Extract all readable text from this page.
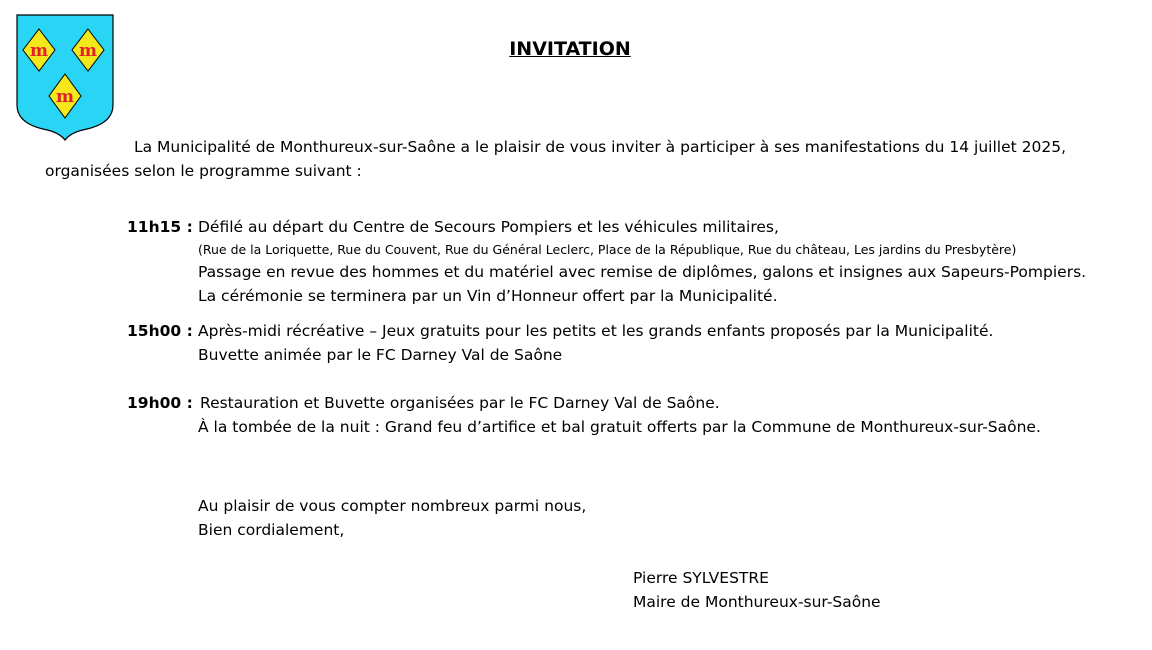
m m
m
INVITATION
La Municipalité de Monthureux-sur-Saône a le plaisir de vous inviter à participer à ses manifestations du 14 juillet 2025,
organisées selon le programme suivant :
11h15 : Défilé au départ du Centre de Secours Pompiers et les véhicules militaires,
(Rue de la Loriquette, Rue du Couvent, Rue du Général Leclerc, Place de la République, Rue du château, Les jardins du Presbytère)
Passage en revue des hommes et du matériel avec remise de diplômes, galons et insignes aux Sapeurs-Pompiers.
La cérémonie se terminera par un Vin d’Honneur offert par la Municipalité.
15h00 : Après-midi récréative – Jeux gratuits pour les petits et les grands enfants proposés par la Municipalité.
Buvette animée par le FC Darney Val de Saône
19h00 : Restauration et Buvette organisées par le FC Darney Val de Saône.
À la tombée de la nuit : Grand feu d’artifice et bal gratuit offerts par la Commune de Monthureux-sur-Saône.
Au plaisir de vous compter nombreux parmi nous,
Bien cordialement,
Pierre SYLVESTRE
Maire de Monthureux-sur-Saône
